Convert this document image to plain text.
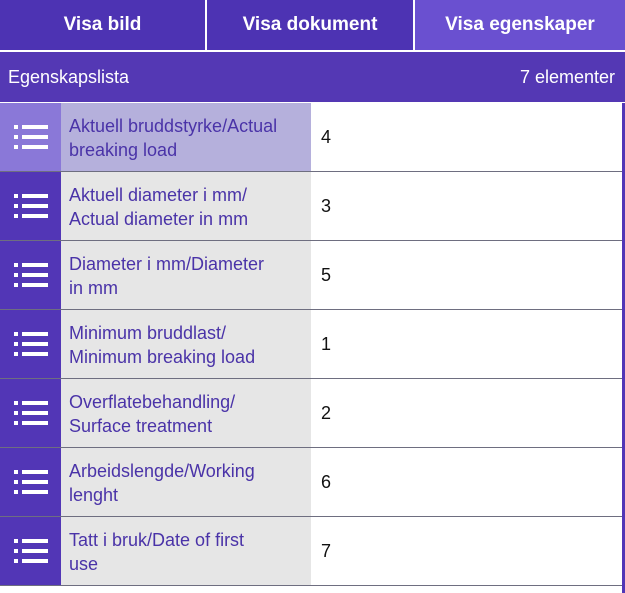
Visa bild	Visa dokument	Visa egenskaper
Egenskapslista	7 elementer
Aktuell bruddstyrke/Actual
breaking load
4
Aktuell diameter i mm/
Actual diameter in mm
3
Diameter i mm/Diameter
in mm
5
Minimum bruddlast/
Minimum breaking load
1
Overflatebehandling/
Surface treatment
2
Arbeidslengde/Working
lenght
6
Tatt i bruk/Date of first
use
7
